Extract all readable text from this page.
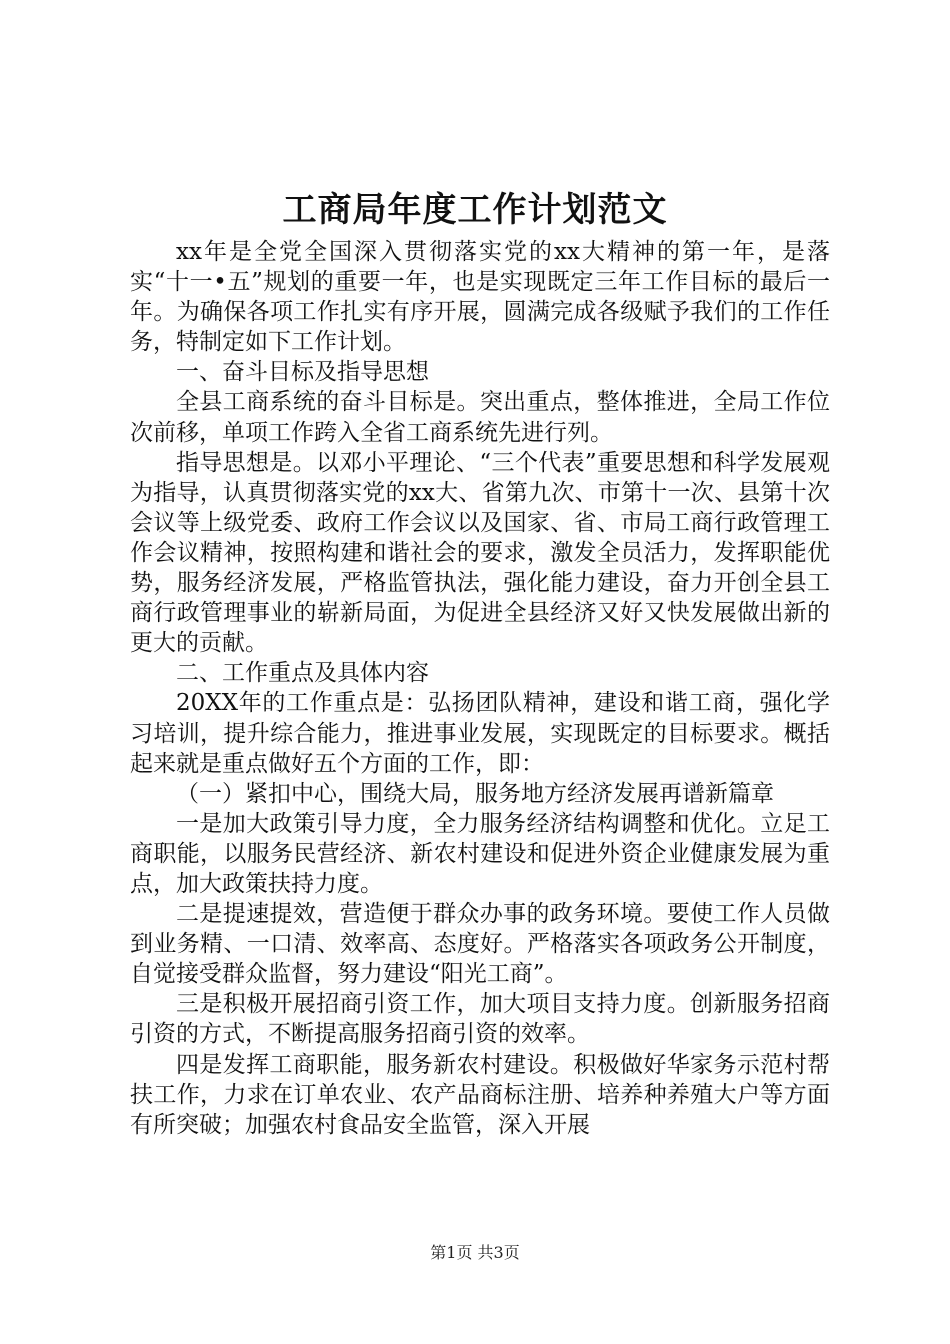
工商局年度工作计划范文

xx年是全党全国深入贯彻落实党的xx大精神的第一年，是落实“十一•五”规划的重要一年，也是实现既定三年工作目标的最后一年。为确保各项工作扎实有序开展，圆满完成各级赋予我们的工作任务，特制定如下工作计划。

一、奋斗目标及指导思想

全县工商系统的奋斗目标是。突出重点，整体推进，全局工作位次前移，单项工作跨入全省工商系统先进行列。

指导思想是。以邓小平理论、“三个代表”重要思想和科学发展观为指导，认真贯彻落实党的xx大、省第九次、市第十一次、县第十次会议等上级党委、政府工作会议以及国家、省、市局工商行政管理工作会议精神，按照构建和谐社会的要求，激发全员活力，发挥职能优势，服务经济发展，严格监管执法，强化能力建设，奋力开创全县工商行政管理事业的崭新局面，为促进全县经济又好又快发展做出新的更大的贡献。

二、工作重点及具体内容

20XX年的工作重点是：弘扬团队精神，建设和谐工商，强化学习培训，提升综合能力，推进事业发展，实现既定的目标要求。概括起来就是重点做好五个方面的工作，即：

（一）紧扣中心，围绕大局，服务地方经济发展再谱新篇章

一是加大政策引导力度，全力服务经济结构调整和优化。立足工商职能，以服务民营经济、新农村建设和促进外资企业健康发展为重点，加大政策扶持力度。

二是提速提效，营造便于群众办事的政务环境。要使工作人员做到业务精、一口清、效率高、态度好。严格落实各项政务公开制度，自觉接受群众监督，努力建设“阳光工商”。

三是积极开展招商引资工作，加大项目支持力度。创新服务招商引资的方式，不断提高服务招商引资的效率。

四是发挥工商职能，服务新农村建设。积极做好华家务示范村帮扶工作，力求在订单农业、农产品商标注册、培养种养殖大户等方面有所突破；加强农村食品安全监管，深入开展

第1页 共3页
